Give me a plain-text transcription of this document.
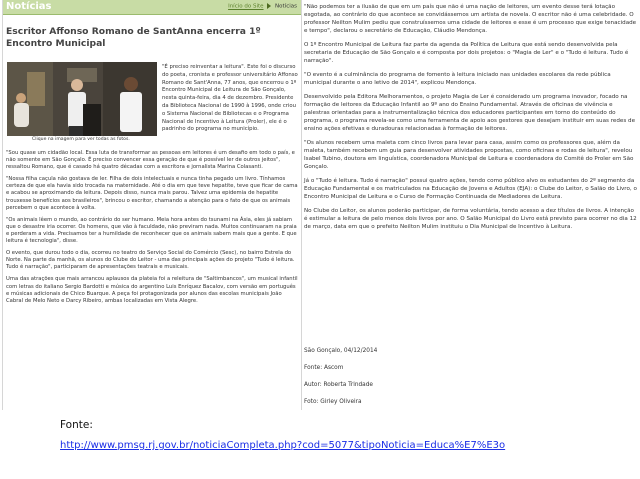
Notícias	Início do Site Notícias
Escritor Affonso Romano de SantAnna encerra 1º Encontro Municipal
Clique na imagem para ver todas as fotos.
"É preciso reinventar a leitura". Este foi o discurso do poeta, cronista e professor universitário Affonso Romano de Sant'Anna, 77 anos, que encerrou o 1º Encontro Municipal de Leitura de São Gonçalo, nesta quinta-feira, dia 4 de dezembro. Presidente da Biblioteca Nacional de 1990 à 1996, onde criou o Sistema Nacional de Bibliotecas e o Programa Nacional de Incentivo à Leitura (Proler), ele é o padrinho do programa no município.

"Sou quase um cidadão local. Essa luta de transformar as pessoas em leitores é um desafio em todo o país, e não somente em São Gonçalo. É preciso convencer essa geração de que é possível ler de outros jeitos", ressaltou Romano, que é casado há quatro décadas com a escritora e jornalista Marina Colasanti.

"Nossa filha caçula não gostava de ler. Filha de dois intelectuais e nunca tinha pegado um livro. Tínhamos certeza de que ela havia sido trocada na maternidade. Até o dia em que teve hepatite, teve que ficar de cama e acabou se aproximando da leitura. Depois disso, nunca mais parou. Talvez uma epidemia de hepatite trouxesse benefícios aos brasileiros", brincou o escritor, chamando a atenção para o fato de que os animais percebem o que acontece à volta.

"Os animais lêem o mundo, ao contrário do ser humano. Meia hora antes do tsunami na Ásia, eles já sabiam que o desastre iria ocorrer. Os homens, que vão à faculdade, não previram nada. Muitos continuaram na praia e perderam a vida. Precisamos ter a humildade de reconhecer que os animais sabem mais que a gente. E que leitura é tecnologia", disse.

O evento, que durou todo o dia, ocorreu no teatro do Serviço Social do Comércio (Sesc), no bairro Estrela do Norte. Na parte da manhã, os alunos do Clube do Leitor - uma das principais ações do projeto "Tudo é leitura. Tudo é narração", participaram de apresentações teatrais e musicais.

Uma das atrações que mais arrancou aplausos da plateia foi a releitura de "Saltimbancos", um musical infantil com letras do italiano Sergio Bardotti e música do argentino Luis Enríquez Bacalov, com versão em português e músicas adicionais de Chico Buarque. A peça foi protagonizada por alunos das escolas municipais João Cabral de Melo Neto e Darcy Ribeiro, ambas localizadas em Vista Alegre.

"Não podemos ter a ilusão de que em um país que não é uma nação de leitores, um evento desse terá lotação esgotada, ao contrário do que acontece se convidássemos um artista de novela. O escritor não é uma celebridade. O professor Neilton Mulim pediu que construíssemos uma cidade de leitores e esse é um processo que exige tenacidade e tempo", declarou o secretário de Educação, Cláudio Mendonça.

O 1º Encontro Municipal de Leitura faz parte da agenda da Política de Leitura que está sendo desenvolvida pela secretaria de Educação de São Gonçalo e é composta por dois projetos: o "Magia de Ler" e o "Tudo é leitura. Tudo é narração".

"O evento é a culminância do programa de fomento à leitura iniciado nas unidades escolares da rede pública municipal durante o ano letivo de 2014", explicou Mendonça.

Desenvolvido pela Editora Melhoramentos, o projeto Magia de Ler é considerado um programa inovador, focado na formação de leitores da Educação Infantil ao 9º ano do Ensino Fundamental. Através de oficinas de vivência e palestras orientadas para a instrumentalização técnica dos educadores participantes em torno do conteúdo do programa, o programa revela-se como uma ferramenta de apoio aos gestores que desejam instituir em suas redes de ensino ações efetivas e duradouras relacionadas à formação de leitores.

"Os alunos recebem uma maleta com cinco livros para levar para casa, assim como os professores que, além da maleta, também recebem um guia para desenvolver atividades propostas, como oficinas e rodas de leitura", revelou Isabel Tubino, doutora em linguística, coordenadora Municipal de Leitura e coordenadora do Comitê do Proler em São Gonçalo.

Já o "Tudo é leitura. Tudo é narração" possui quatro ações, tendo como público alvo os estudantes do 2º segmento da Educação Fundamental e os matriculados na Educação de Jovens e Adultos (EJA): o Clube do Leitor, o Salão do Livro, o Encontro Municipal de Leitura e o Curso de Formação Continuada de Mediadores de Leitura.

No Clube do Leitor, os alunos poderão participar, de forma voluntária, tendo acesso a dez títulos de livros. A intenção é estimular a leitura de pelo menos dois livros por ano. O Salão Municipal do Livro está previsto para ocorrer no dia 12 de março, data em que o prefeito Neilton Mulim instituiu o Dia Municipal de Incentivo à Leitura.

São Gonçalo, 04/12/2014
Fonte: Ascom
Autor: Roberta Trindade
Foto: Girley Oliveira
Fonte:
http://www.pmsg.rj.gov.br/noticiaCompleta.php?cod=5077&tipoNoticia=Educa%E7%E3o
